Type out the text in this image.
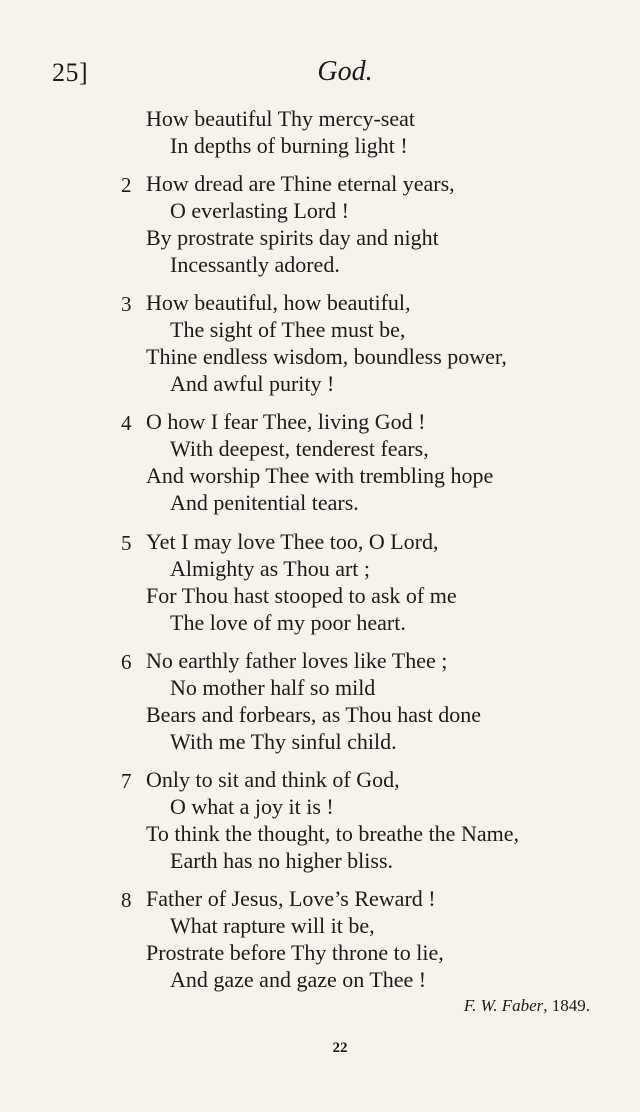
25]	God.
How beautiful Thy mercy-seat
In depths of burning light !
2 How dread are Thine eternal years,
O everlasting Lord !
By prostrate spirits day and night
Incessantly adored.
3 How beautiful, how beautiful,
The sight of Thee must be,
Thine endless wisdom, boundless power,
And awful purity !
4 O how I fear Thee, living God !
With deepest, tenderest fears,
And worship Thee with trembling hope
And penitential tears.
5 Yet I may love Thee too, O Lord,
Almighty as Thou art ;
For Thou hast stooped to ask of me
The love of my poor heart.
6 No earthly father loves like Thee ;
No mother half so mild
Bears and forbears, as Thou hast done
With me Thy sinful child.
7 Only to sit and think of God,
O what a joy it is !
To think the thought, to breathe the Name,
Earth has no higher bliss.
8 Father of Jesus, Love’s Reward !
What rapture will it be,
Prostrate before Thy throne to lie,
And gaze and gaze on Thee !
F. W. Faber, 1849.
22
